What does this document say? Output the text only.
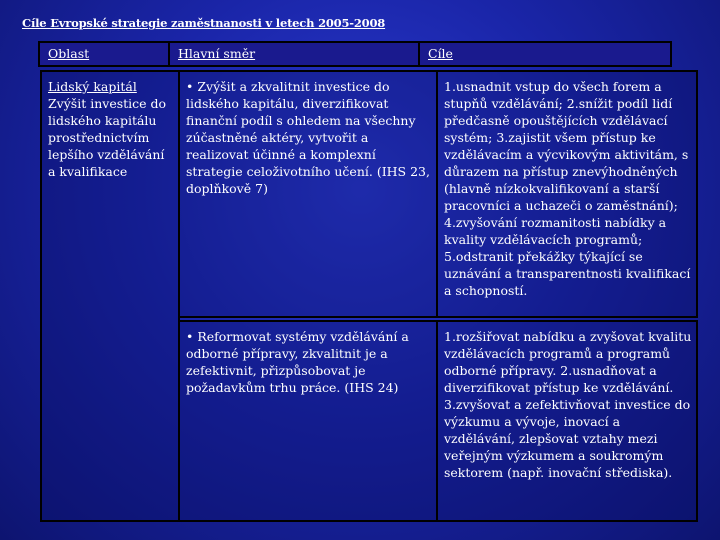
Cíle Evropské strategie zaměstnanosti v letech 2005-2008
Oblast	Hlavní směr	Cíle

Lidský kapitál

Zvýšit investice do lidského kapitálu prostřednictvím lepšího vzdělávání a kvalifikace

• Zvýšit a zkvalitnit investice do lidského kapitálu, diverzifikovat finanční podíl s ohledem na všechny zúčastněné aktéry, vytvořit a realizovat účinné a komplexní strategie celoživotního učení. (IHS 23, doplňkově 7)

1.usnadnit vstup do všech forem a stupňů vzdělávání; 2.snížit podíl lidí předčasně opouštějících vzdělávací systém; 3.zajistit všem přístup ke vzdělávacím a výcvikovým aktivitám, s důrazem na přístup znevýhodněných (hlavně nízkokvalifikovaní a starší pracovníci a uchazeči o zaměstnání); 4.zvyšování rozmanitosti nabídky a kvality vzdělávacích programů; 5.odstranit překážky týkající se uznávání a transparentnosti kvalifikací a schopností.

• Reformovat systémy vzdělávání a odborné přípravy, zkvalitnit je a zefektivnit, přizpůsobovat je požadavkům trhu práce. (IHS 24)

1.rozšiřovat nabídku a zvyšovat kvalitu vzdělávacích programů a programů odborné přípravy. 2.usnadňovat a diverzifikovat přístup ke vzdělávání. 3.zvyšovat a zefektivňovat investice do výzkumu a vývoje, inovací a vzdělávání, zlepšovat vztahy mezi veřejným výzkumem a soukromým sektorem (např. inovační střediska).
